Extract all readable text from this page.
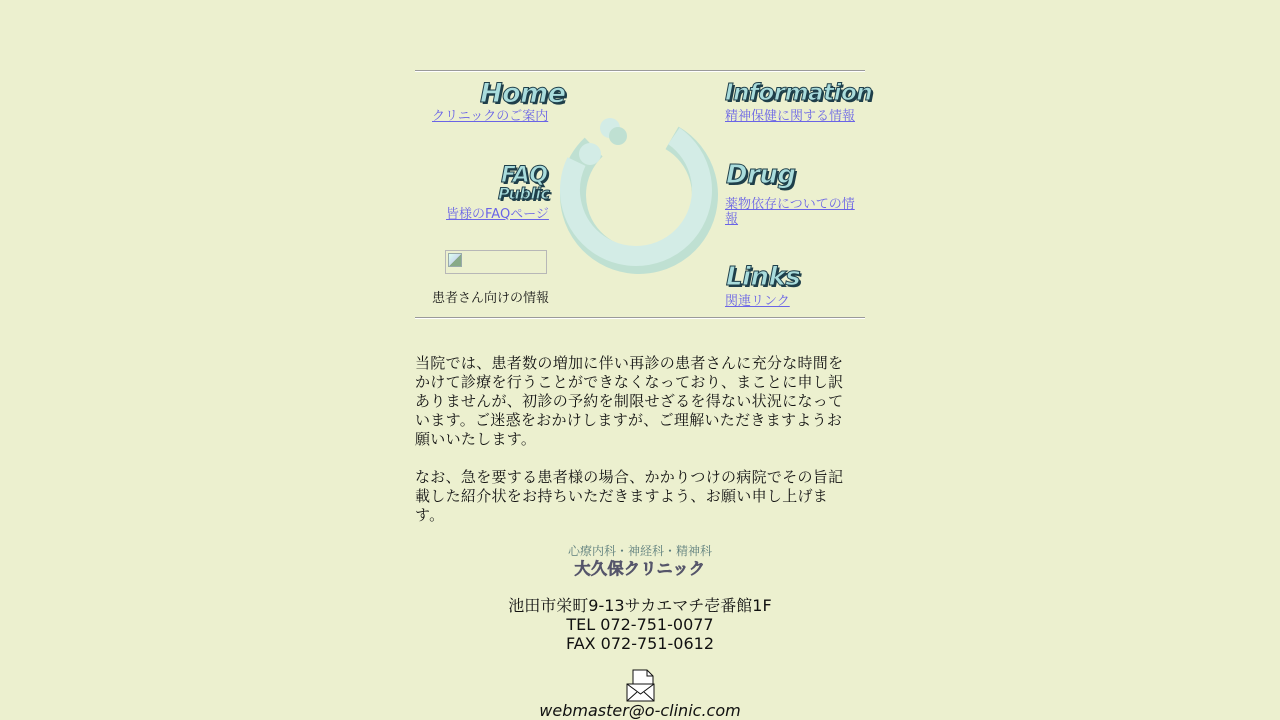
Home
クリニックのご案内
FAQ
Public
皆様のFAQページ
患者さん向けの情報
Information
精神保健に関する情報
Drug
薬物依存についての情
報
Links
関連リンク
当院では、患者数の増加に伴い再診の患者さんに充分な時間を
かけて診療を行うことができなくなっており、まことに申し訳
ありませんが、初診の予約を制限せざるを得ない状況になって
います。ご迷惑をおかけしますが、ご理解いただきますようお
願いいたします。
なお、急を要する患者様の場合、かかりつけの病院でその旨記
載した紹介状をお持ちいただきますよう、お願い申し上げま
す。
心療内科・神経科・精神科
大久保クリニック
池田市栄町9-13サカエマチ壱番館1F
TEL 072-751-0077
FAX 072-751-0612
webmaster@o-clinic.com
